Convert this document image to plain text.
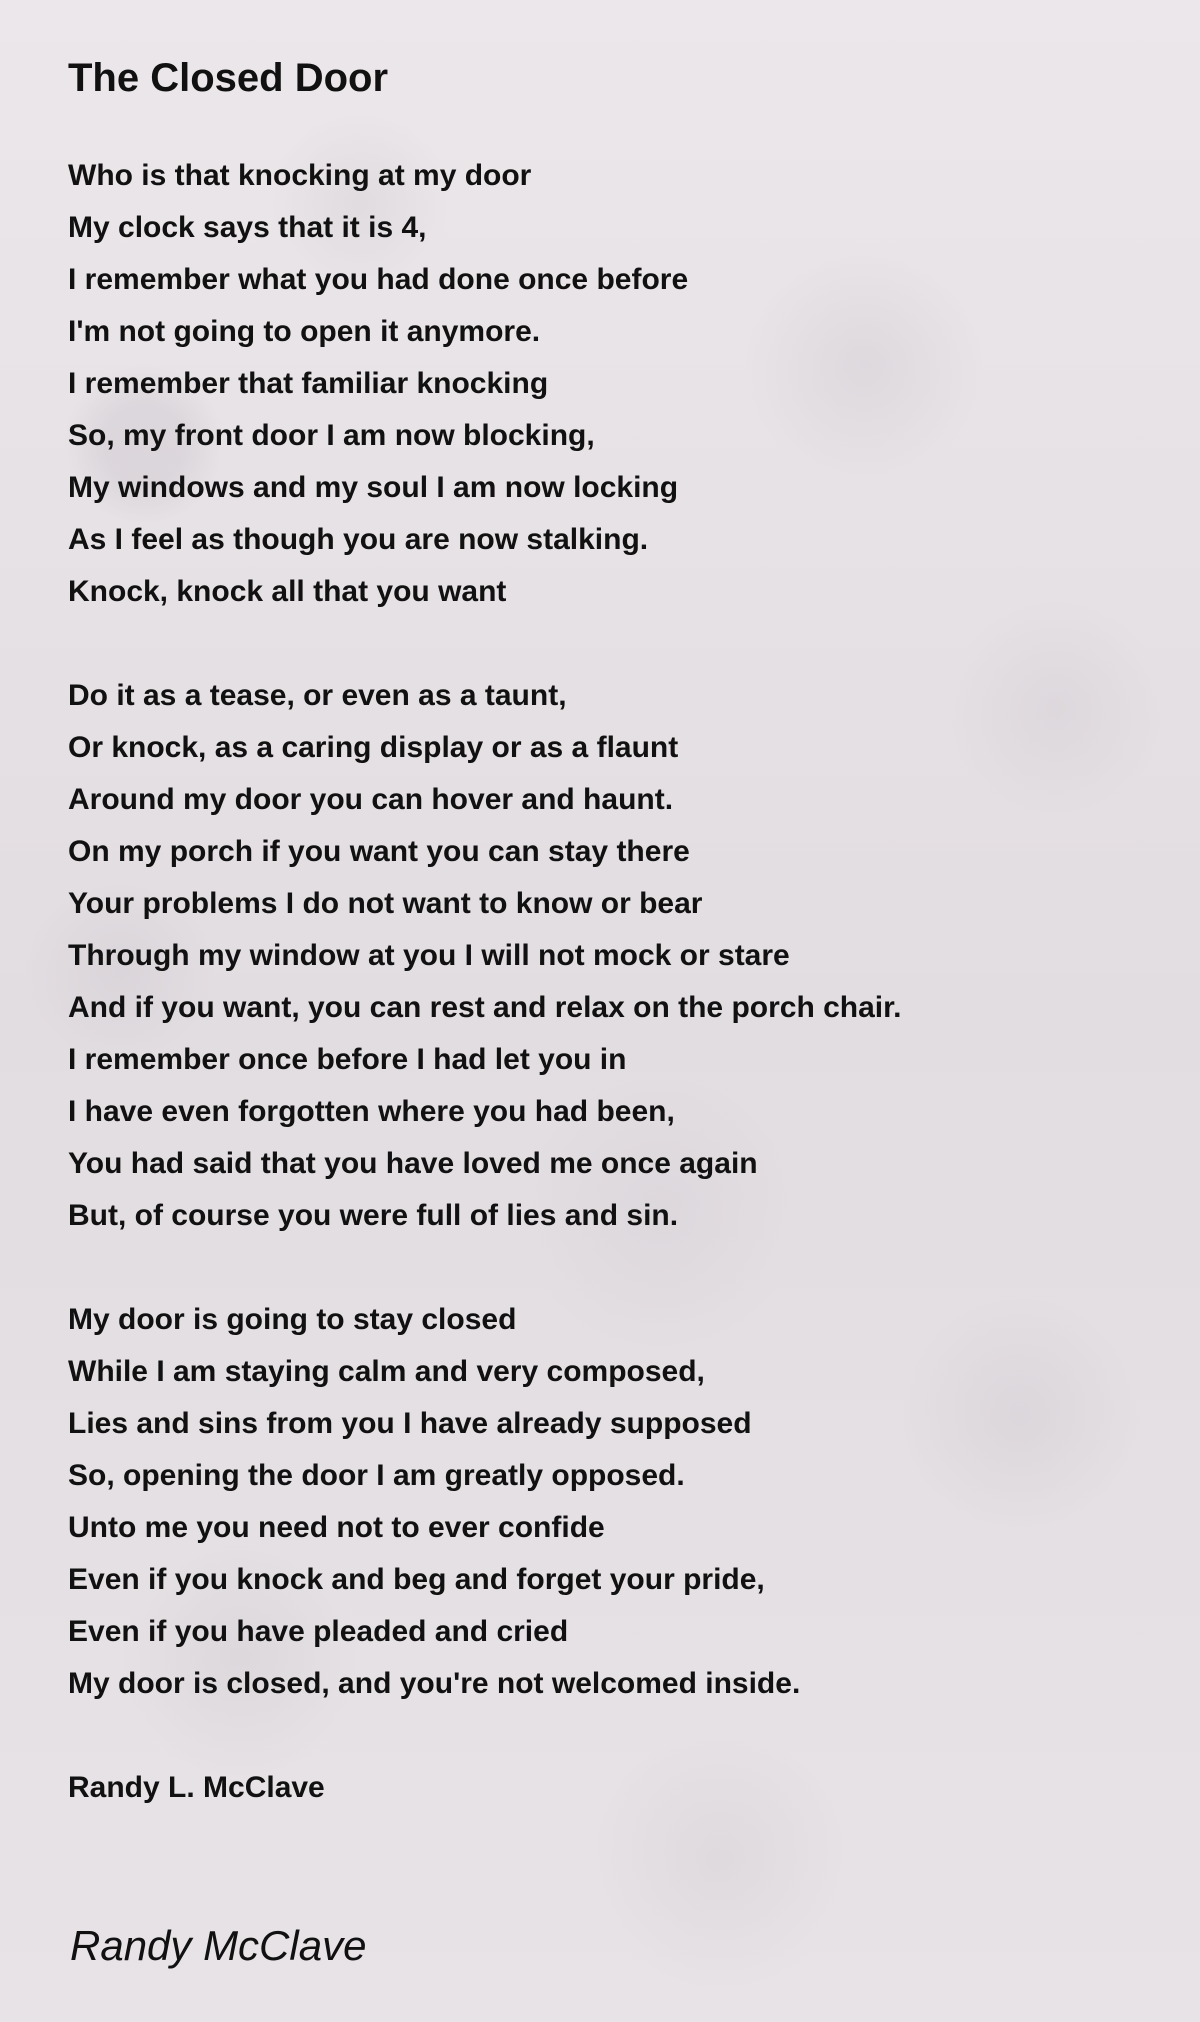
The Closed Door
Who is that knocking at my door
My clock says that it is 4,
I remember what you had done once before
I'm not going to open it anymore.
I remember that familiar knocking
So, my front door I am now blocking,
My windows and my soul I am now locking
As I feel as though you are now stalking.
Knock, knock all that you want
Do it as a tease, or even as a taunt,
Or knock, as a caring display or as a flaunt
Around my door you can hover and haunt.
On my porch if you want you can stay there
Your problems I do not want to know or bear
Through my window at you I will not mock or stare
And if you want, you can rest and relax on the porch chair.
I remember once before I had let you in
I have even forgotten where you had been,
You had said that you have loved me once again
But, of course you were full of lies and sin.
My door is going to stay closed
While I am staying calm and very composed,
Lies and sins from you I have already supposed
So, opening the door I am greatly opposed.
Unto me you need not to ever confide
Even if you knock and beg and forget your pride,
Even if you have pleaded and cried
My door is closed, and you're not welcomed inside.
Randy L. McClave
Randy McClave
